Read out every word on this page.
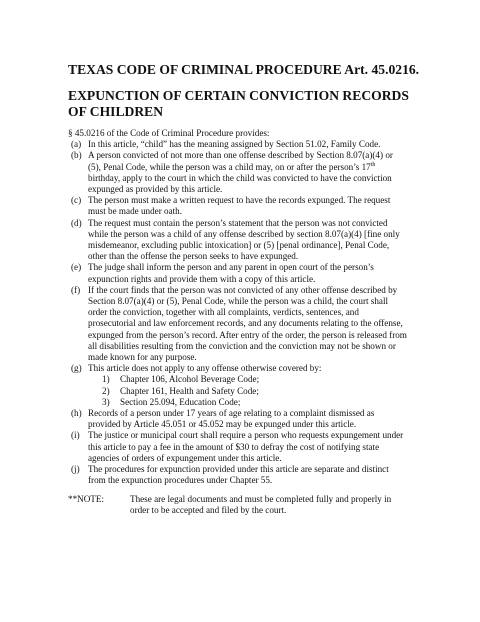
TEXAS CODE OF CRIMINAL PROCEDURE Art. 45.0216.
EXPUNCTION OF CERTAIN CONVICTION RECORDS OF CHILDREN

§ 45.0216 of the Code of Criminal Procedure provides:

(a) In this article, “child” has the meaning assigned by Section 51.02, Family Code.
(b) A person convicted of not more than one offense described by Section 8.07(a)(4) or (5), Penal Code, while the person was a child may, on or after the person’s 17th birthday, apply to the court in which the child was convicted to have the conviction expunged as provided by this article.
(c) The person must make a written request to have the records expunged. The request must be made under oath.
(d) The request must contain the person’s statement that the person was not convicted while the person was a child of any offense described by section 8.07(a)(4) [fine only misdemeanor, excluding public intoxication] or (5) [penal ordinance], Penal Code, other than the offense the person seeks to have expunged.
(e) The judge shall inform the person and any parent in open court of the person’s expunction rights and provide them with a copy of this article.
(f) If the court finds that the person was not convicted of any other offense described by Section 8.07(a)(4) or (5), Penal Code, while the person was a child, the court shall order the conviction, together with all complaints, verdicts, sentences, and prosecutorial and law enforcement records, and any documents relating to the offense, expunged from the person’s record. After entry of the order, the person is released from all disabilities resulting from the conviction and the conviction may not be shown or made known for any purpose.
(g) This article does not apply to any offense otherwise covered by:
1)	Chapter 106, Alcohol Beverage Code;
2)	Chapter 161, Health and Safety Code;
3)	Section 25.094, Education Code;
(h) Records of a person under 17 years of age relating to a complaint dismissed as provided by Article 45.051 or 45.052 may be expunged under this article.
(i) The justice or municipal court shall require a person who requests expungement under this article to pay a fee in the amount of $30 to defray the cost of notifying state agencies of orders of expungement under this article.
(j) The procedures for expunction provided under this article are separate and distinct from the expunction procedures under Chapter 55.
**NOTE:	These are legal documents and must be completed fully and properly in order to be accepted and filed by the court.
